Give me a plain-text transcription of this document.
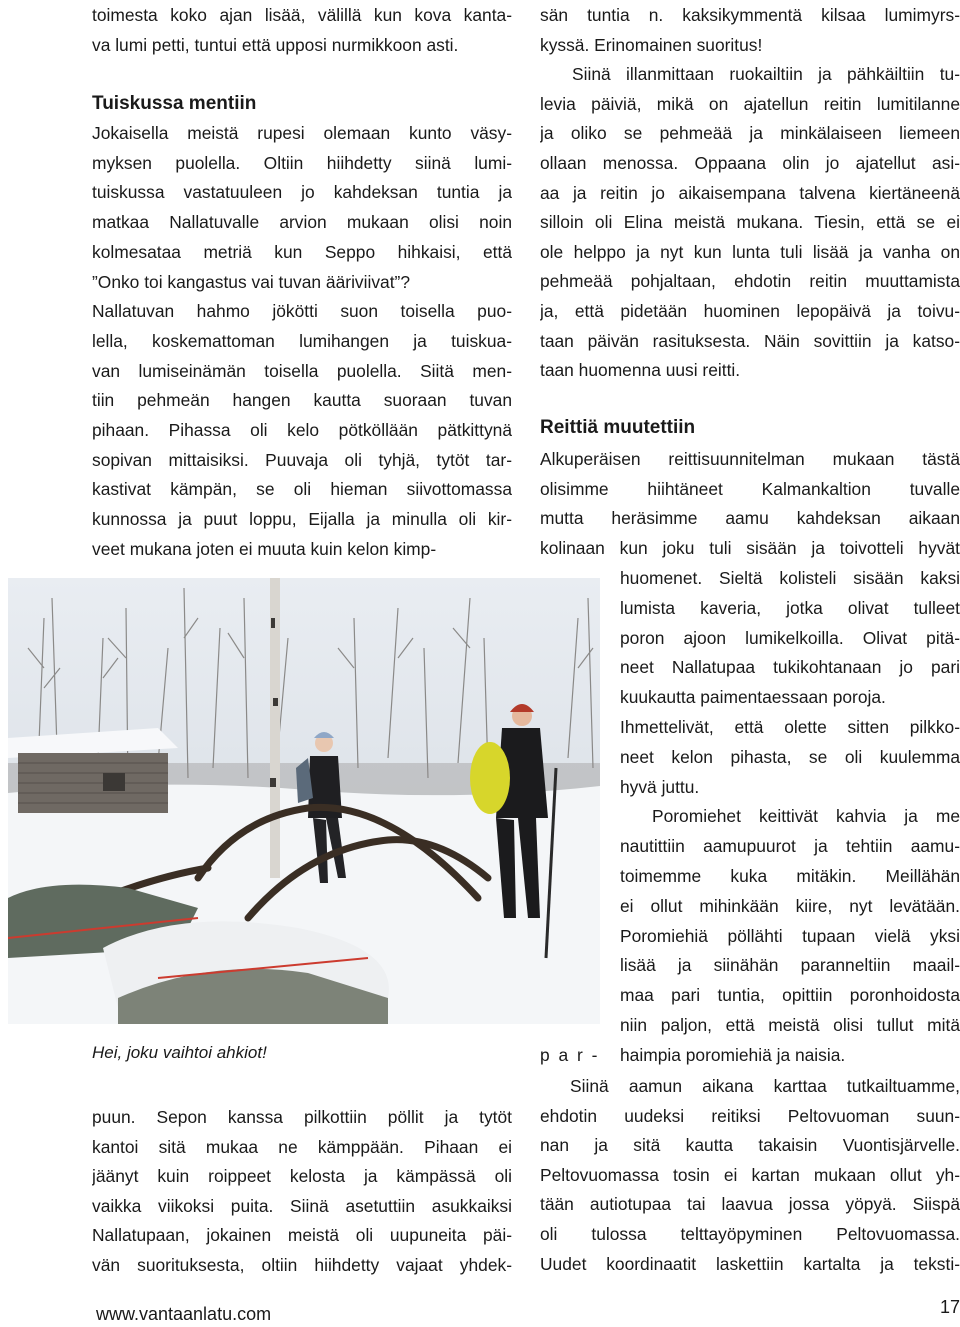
toimesta koko ajan lisää, välillä kun kova kanta-
va lumi petti, tuntui että upposi nurmikkoon asti.
Tuiskussa mentiin
Jokaisella meistä rupesi olemaan kunto väsy-
myksen puolella. Oltiin hiihdetty siinä lumi-
tuiskussa vastatuuleen jo kahdeksan tuntia ja
matkaa Nallatuvalle arvion mukaan olisi noin
kolmesataa metriä kun Seppo hihkaisi, että
”Onko toi kangastus vai tuvan ääriviivat”?
Nallatuvan hahmo jökötti suon toisella puo-
lella, koskemattoman lumihangen ja tuiskua-
van lumiseinämän toisella puolella. Siitä men-
tiin pehmeän hangen kautta suoraan tuvan
pihaan. Pihassa oli kelo pötköllään pätkittynä
sopivan mittaisiksi. Puuvaja oli tyhjä, tytöt tar-
kastivat kämpän, se oli hieman siivottomassa
kunnossa ja puut loppu, Eijalla ja minulla oli kir-
veet mukana joten ei muuta kuin kelon kimp-
Hei, joku vaihtoi ahkiot!
puun. Sepon kanssa pilkottiin pöllit ja tytöt
kantoi sitä mukaa ne kämppään. Pihaan ei
jäänyt kuin roippeet kelosta ja kämpässä oli
vaikka viikoksi puita. Siinä asetuttiin asukkaiksi
Nallatupaan, jokainen meistä oli uupuneita päi-
vän suorituksesta, oltiin hiihdetty vajaat yhdek-
sän tuntia n. kaksikymmentä kilsaa lumimyrs-
kyssä. Erinomainen suoritus!
Siinä illanmittaan ruokailtiin ja pähkäiltiin tu-
levia päiviä, mikä on ajatellun reitin lumitilanne
ja oliko se pehmeää ja minkälaiseen liemeen
ollaan menossa. Oppaana olin jo ajatellut asi-
aa ja reitin jo aikaisempana talvena kiertäneenä
silloin oli Elina meistä mukana. Tiesin, että se ei
ole helppo ja nyt kun lunta tuli lisää ja vanha on
pehmeää pohjaltaan, ehdotin reitin muuttamista
ja, että pidetään huominen lepopäivä ja toivu-
taan päivän rasituksesta. Näin sovittiin ja katso-
taan huomenna uusi reitti.
Reittiä muutettiin
Alkuperäisen reittisuunnitelman mukaan tästä
olisimme hiihtäneet Kalmankaltion tuvalle
mutta heräsimme aamu kahdeksan aikaan
kolinaan kun joku tuli sisään ja toivotteli hyvät
huomenet. Sieltä kolisteli sisään kaksi
lumista kaveria, jotka olivat tulleet
poron ajoon lumikelkoilla. Olivat pitä-
neet Nallatupaa tukikohtanaan jo pari
kuukautta paimentaessaan poroja.
Ihmettelivät, että olette sitten pilkko-
neet kelon pihasta, se oli kuulemma
hyvä juttu.
Poromiehet keittivät kahvia ja me
nautittiin aamupuurot ja tehtiin aamu-
toimemme kuka mitäkin. Meillähän
ei ollut mihinkään kiire, nyt levätään.
Poromiehiä pöllähti tupaan vielä yksi
lisää ja siinähän paranneltiin maail-
maa pari tuntia, opittiin poronhoidosta
niin paljon, että meistä olisi tullut mitä
haimpia poromiehiä ja naisia.
p a r -
Siinä aamun aikana karttaa tutkailtuamme,
ehdotin uudeksi reitiksi Peltovuoman suun-
nan ja sitä kautta takaisin Vuontisjärvelle.
Peltovuomassa tosin ei kartan mukaan ollut yh-
tään autiotupaa tai laavua jossa yöpyä. Siispä
oli tulossa telttayöpyminen Peltovuomassa.
Uudet koordinaatit laskettiin kartalta ja teksti-
www.vantaanlatu.com	17
